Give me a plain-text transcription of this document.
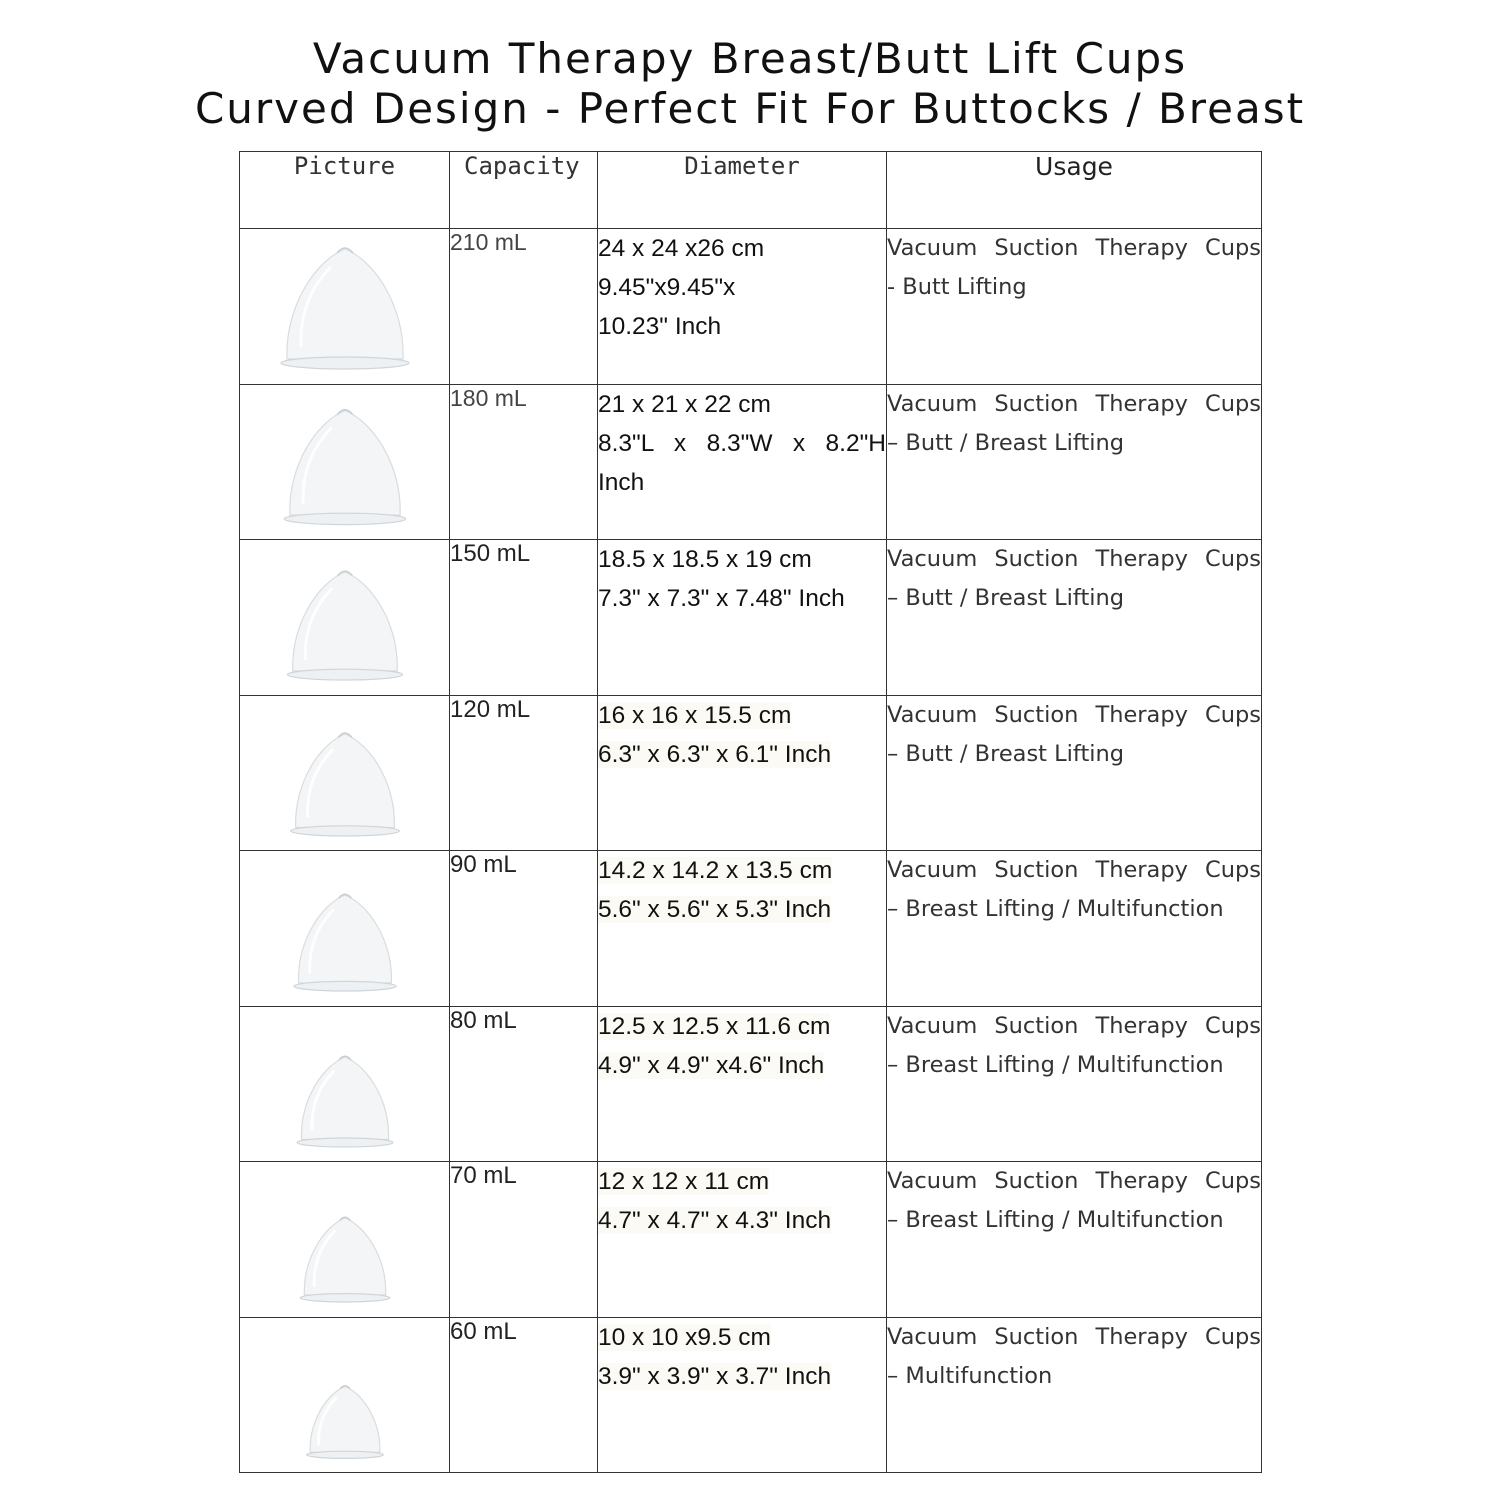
Vacuum Therapy Breast/Butt Lift Cups
Curved Design - Perfect Fit For Buttocks / Breast
Picture	Capacity	Diameter	Usage

	210 mL	24 x 24 x26 cm
9.45"x9.45"x
10.23" Inch	Vacuum Suction Therapy Cups
- Butt Lifting

	180 mL	21 x 21 x 22 cm
8.3"L x 8.3"W x 8.2"H
Inch	Vacuum Suction Therapy Cups
– Butt / Breast Lifting

	150 mL	18.5 x 18.5 x 19 cm
7.3" x 7.3" x 7.48" Inch	Vacuum Suction Therapy Cups
– Butt / Breast Lifting

	120 mL	16 x 16 x 15.5 cm
6.3" x 6.3" x 6.1" Inch	Vacuum Suction Therapy Cups
– Butt / Breast Lifting

	90 mL	14.2 x 14.2 x 13.5 cm
5.6" x 5.6" x 5.3" Inch	Vacuum Suction Therapy Cups
– Breast Lifting / Multifunction

	80 mL	12.5 x 12.5 x 11.6 cm
4.9" x 4.9" x4.6" Inch	Vacuum Suction Therapy Cups
– Breast Lifting / Multifunction

	70 mL	12 x 12 x 11 cm
4.7" x 4.7" x 4.3" Inch	Vacuum Suction Therapy Cups
– Breast Lifting / Multifunction

	60 mL	10 x 10 x9.5 cm
3.9" x 3.9" x 3.7" Inch	Vacuum Suction Therapy Cups
– Multifunction
